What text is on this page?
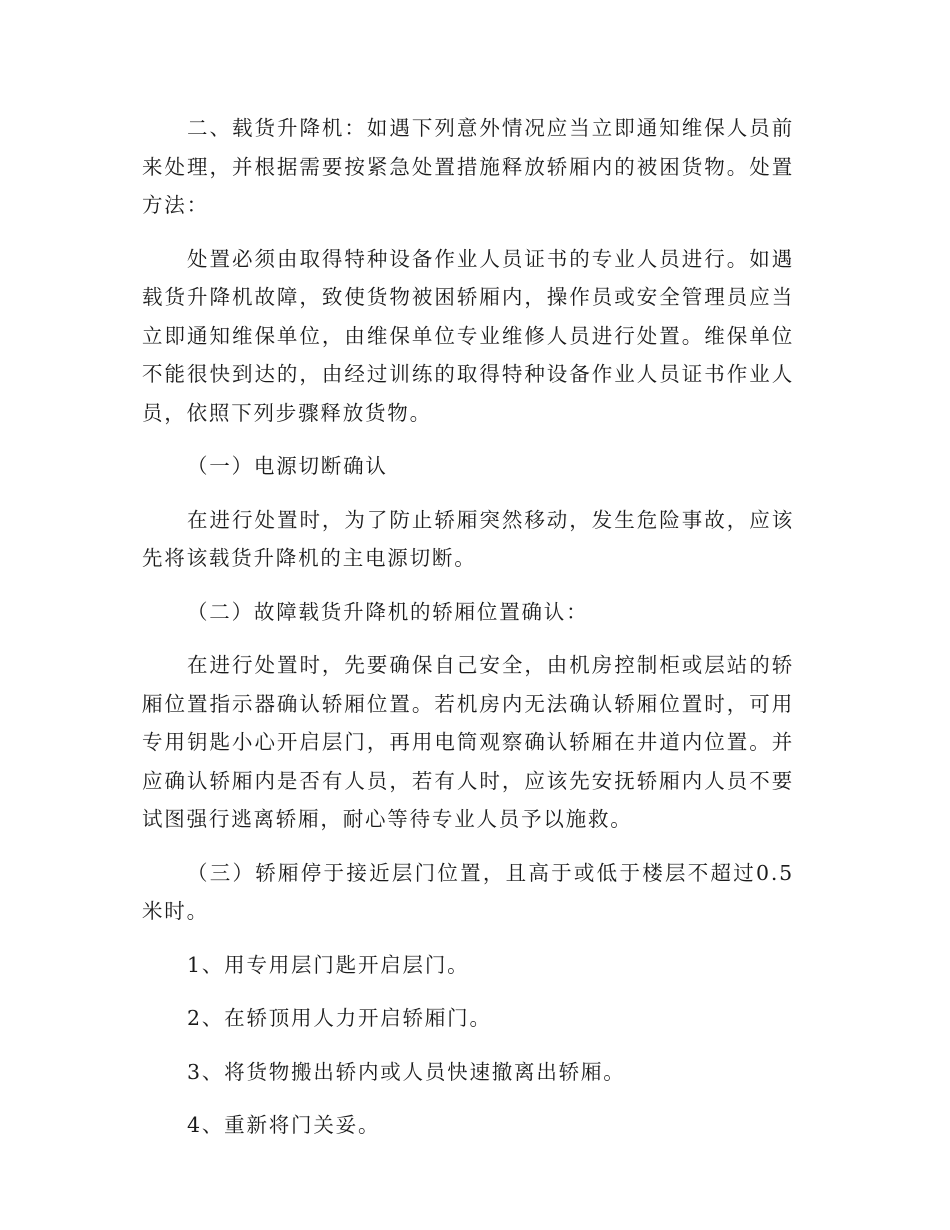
二、载货升降机：如遇下列意外情况应当立即通知维保人员前来处理，并根据需要按紧急处置措施释放轿厢内的被困货物。处置方法：

处置必须由取得特种设备作业人员证书的专业人员进行。如遇载货升降机故障，致使货物被困轿厢内，操作员或安全管理员应当立即通知维保单位，由维保单位专业维修人员进行处置。维保单位不能很快到达的，由经过训练的取得特种设备作业人员证书作业人员，依照下列步骤释放货物。

（一）电源切断确认

在进行处置时，为了防止轿厢突然移动，发生危险事故，应该先将该载货升降机的主电源切断。

（二）故障载货升降机的轿厢位置确认：

在进行处置时，先要确保自己安全，由机房控制柜或层站的轿厢位置指示器确认轿厢位置。若机房内无法确认轿厢位置时，可用专用钥匙小心开启层门，再用电筒观察确认轿厢在井道内位置。并应确认轿厢内是否有人员，若有人时，应该先安抚轿厢内人员不要试图强行逃离轿厢，耐心等待专业人员予以施救。

（三）轿厢停于接近层门位置，且高于或低于楼层不超过0.5米时。

1、用专用层门匙开启层门。

2、在轿顶用人力开启轿厢门。

3、将货物搬出轿内或人员快速撤离出轿厢。

4、重新将门关妥。
